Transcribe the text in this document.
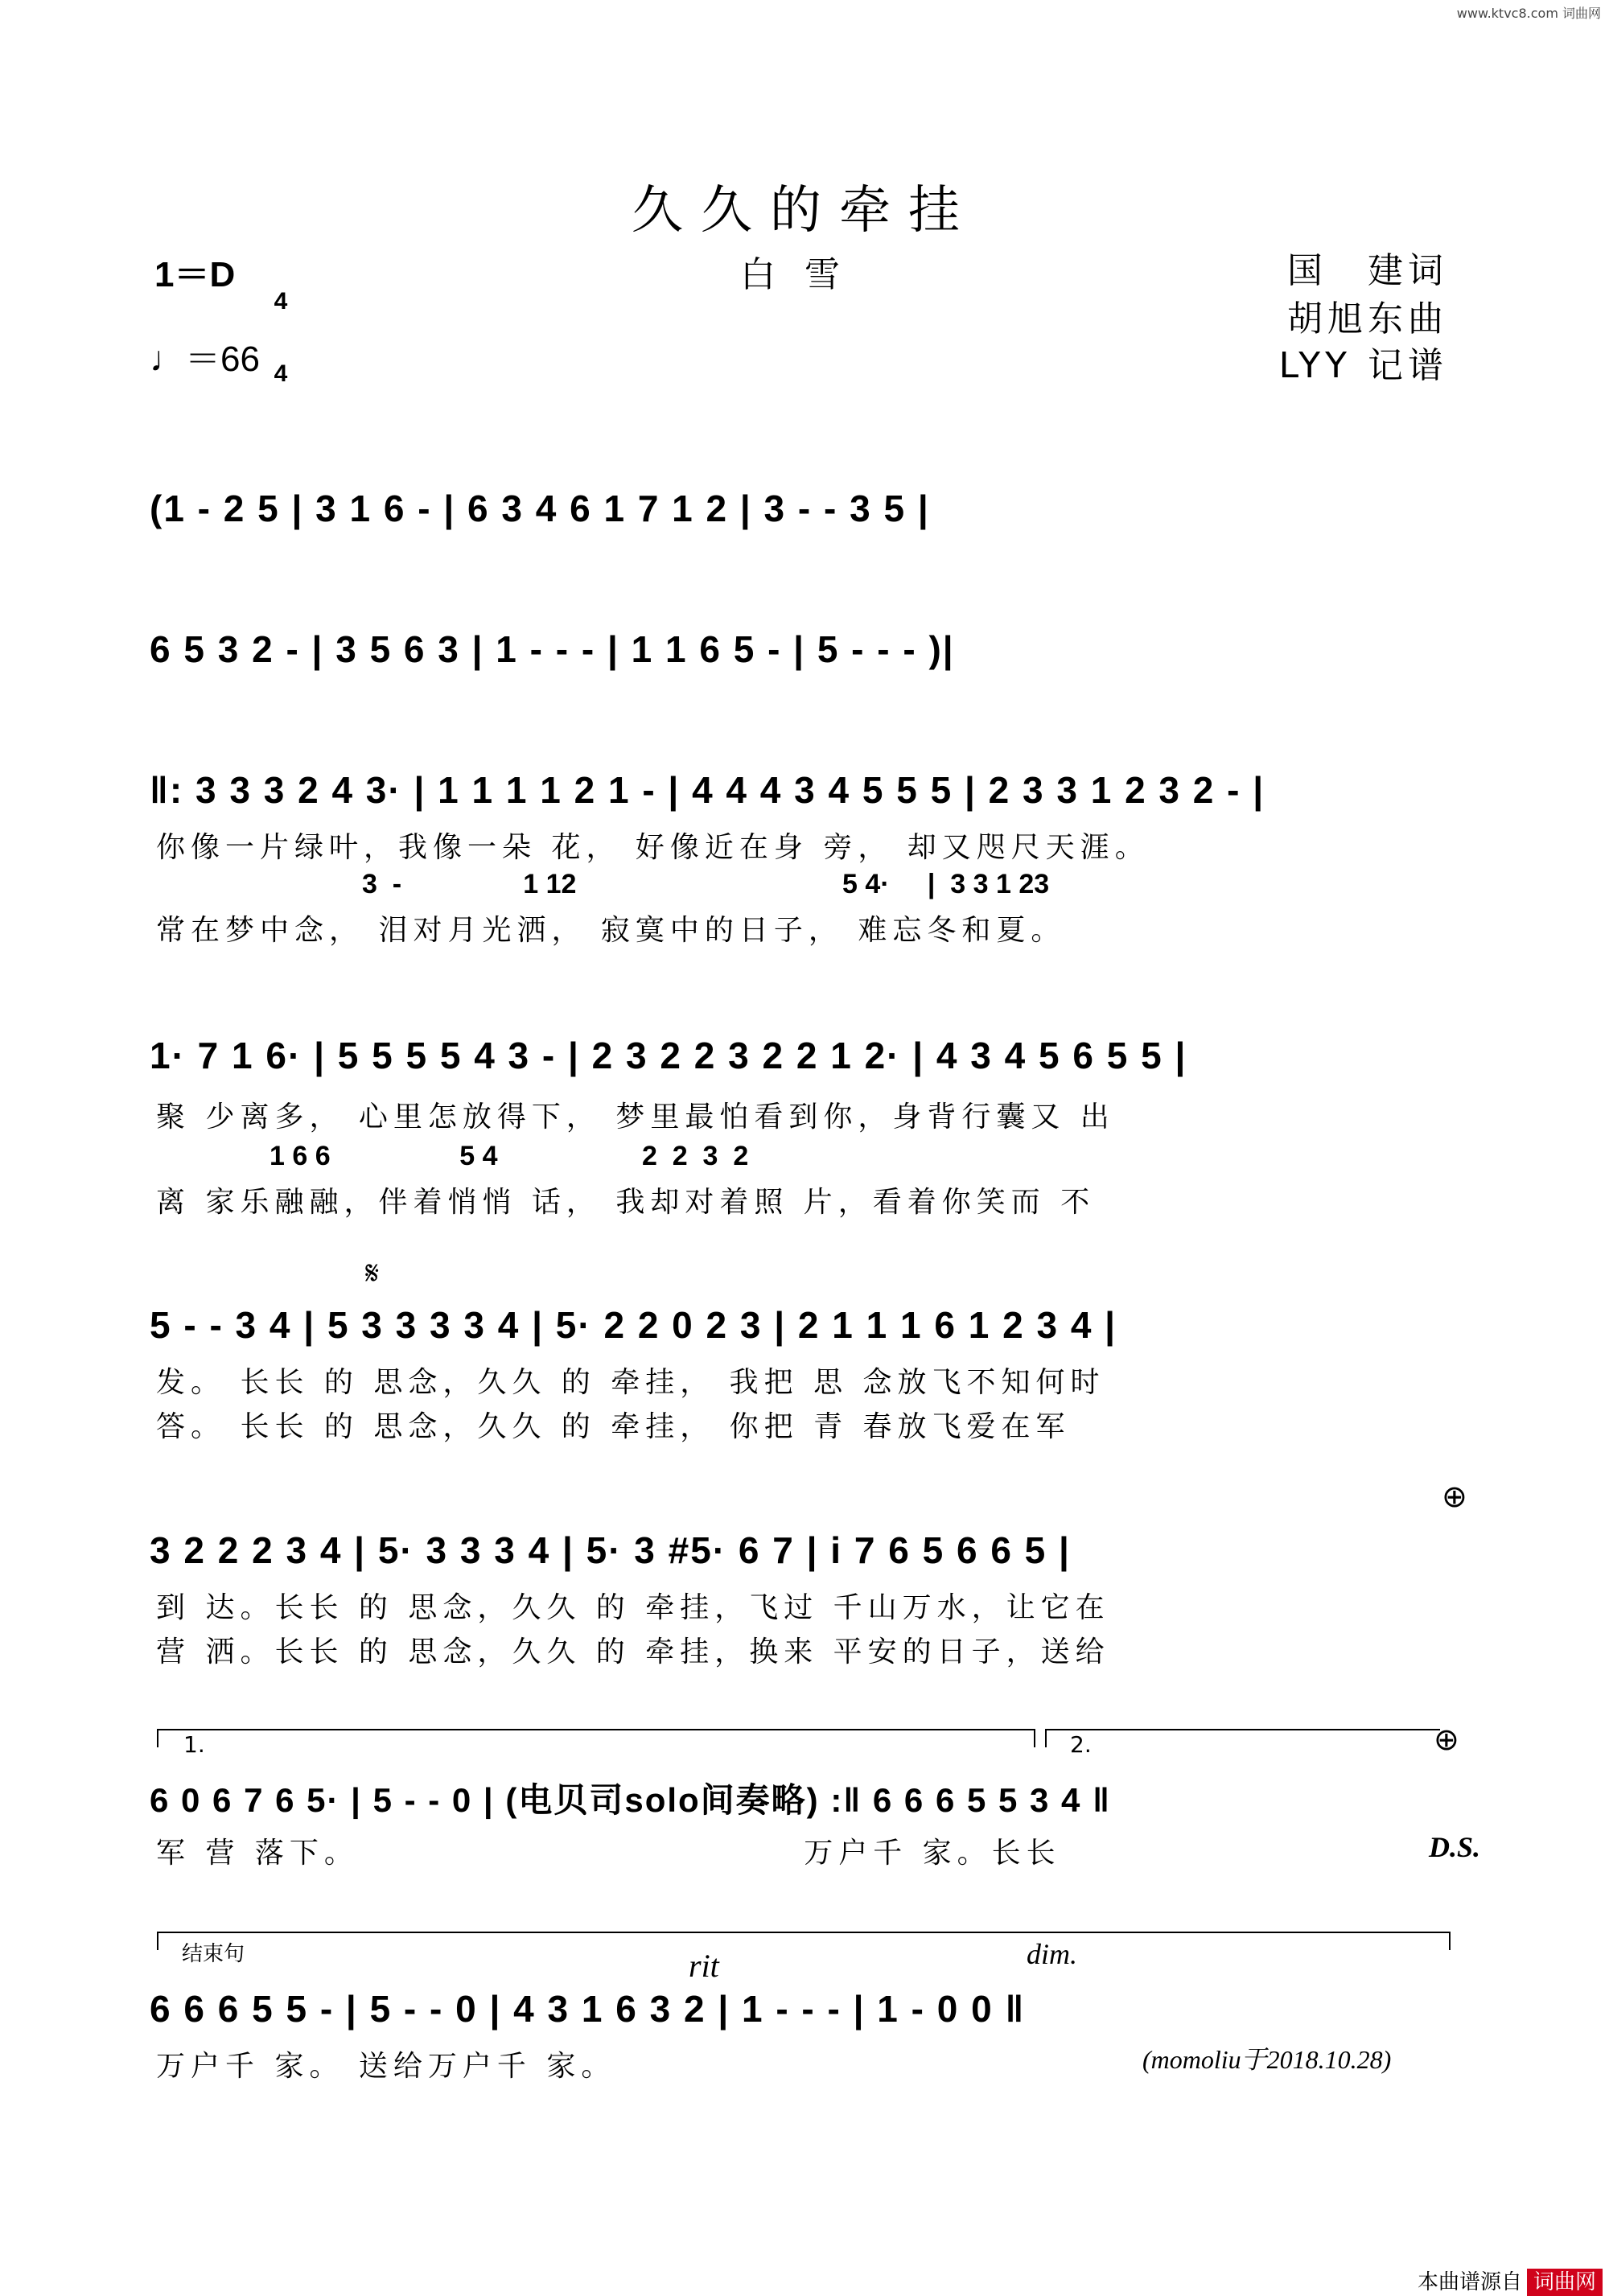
www.ktvc8.com 词曲网
久久的牵挂
白雪
1＝D

4

4

♩＝66
国　建词
胡旭东曲
LYY 记谱
(1 - 2 5 | 3 1 6 - | 6 3 4 6 1 7 1 2 | 3 - - 3 5 |
6 5 3 2 - | 3 5 6 3 | 1 - - - | 1 1 6 5 - | 5 - - - )|
‖: 3 3 3 2 4 3· | 1 1 1 1 2 1 - | 4 4 4 3 4 5 5 5 | 2 3 3 1 2 3 2 - |
你像一片绿叶，我像一朵 花， 好像近在身 旁， 却又咫尺天涯。
3  -                1 12                                   5 4·     |  3 3 1 23
常在梦中念， 泪对月光洒， 寂寞中的日子， 难忘冬和夏。
1· 7 1 6· | 5 5 5 5 4 3 - | 2 3 2 2 3 2 2 1 2· | 4 3 4 5 6 5 5 |
聚 少离多， 心里怎放得下， 梦里最怕看到你，身背行囊又 出
1 6 6                 5 4                   2  2  3  2
离 家乐融融，伴着悄悄 话， 我却对着照 片，看着你笑而 不
𝄋
5 - - 3 4 | 5 3 3 3 3 4 | 5· 2 2 0 2 3 | 2 1 1 1 6 1 2 3 4 |
发。 长长 的 思念，久久 的 牵挂， 我把 思 念放飞不知何时
答。 长长 的 思念，久久 的 牵挂， 你把 青 春放飞爱在军
⊕
3 2 2 2 3 4 | 5· 3 3 3 4 | 5· 3 #5· 6 7 | i 7 6 5 6 6 5 |
到 达。长长 的 思念，久久 的 牵挂，飞过 千山万水，让它在
营 洒。长长 的 思念，久久 的 牵挂，换来 平安的日子，送给
1.	2.	⊕
6 0 6 7 6 5· | 5 - - 0 | (电贝司solo间奏略) :‖ 6 6 6 5 5 3 4 ‖
军 营 落下。                              万户千 家。长长	D.S.
结束句	rit	dim.
6 6 6 5 5 - | 5 - - 0 | 4 3 1 6 3 2 | 1 - - - | 1 - 0 0 ‖
万户千 家。 送给万户千 家。	(momoliu于2018.10.28)

本曲谱源自 词曲网
